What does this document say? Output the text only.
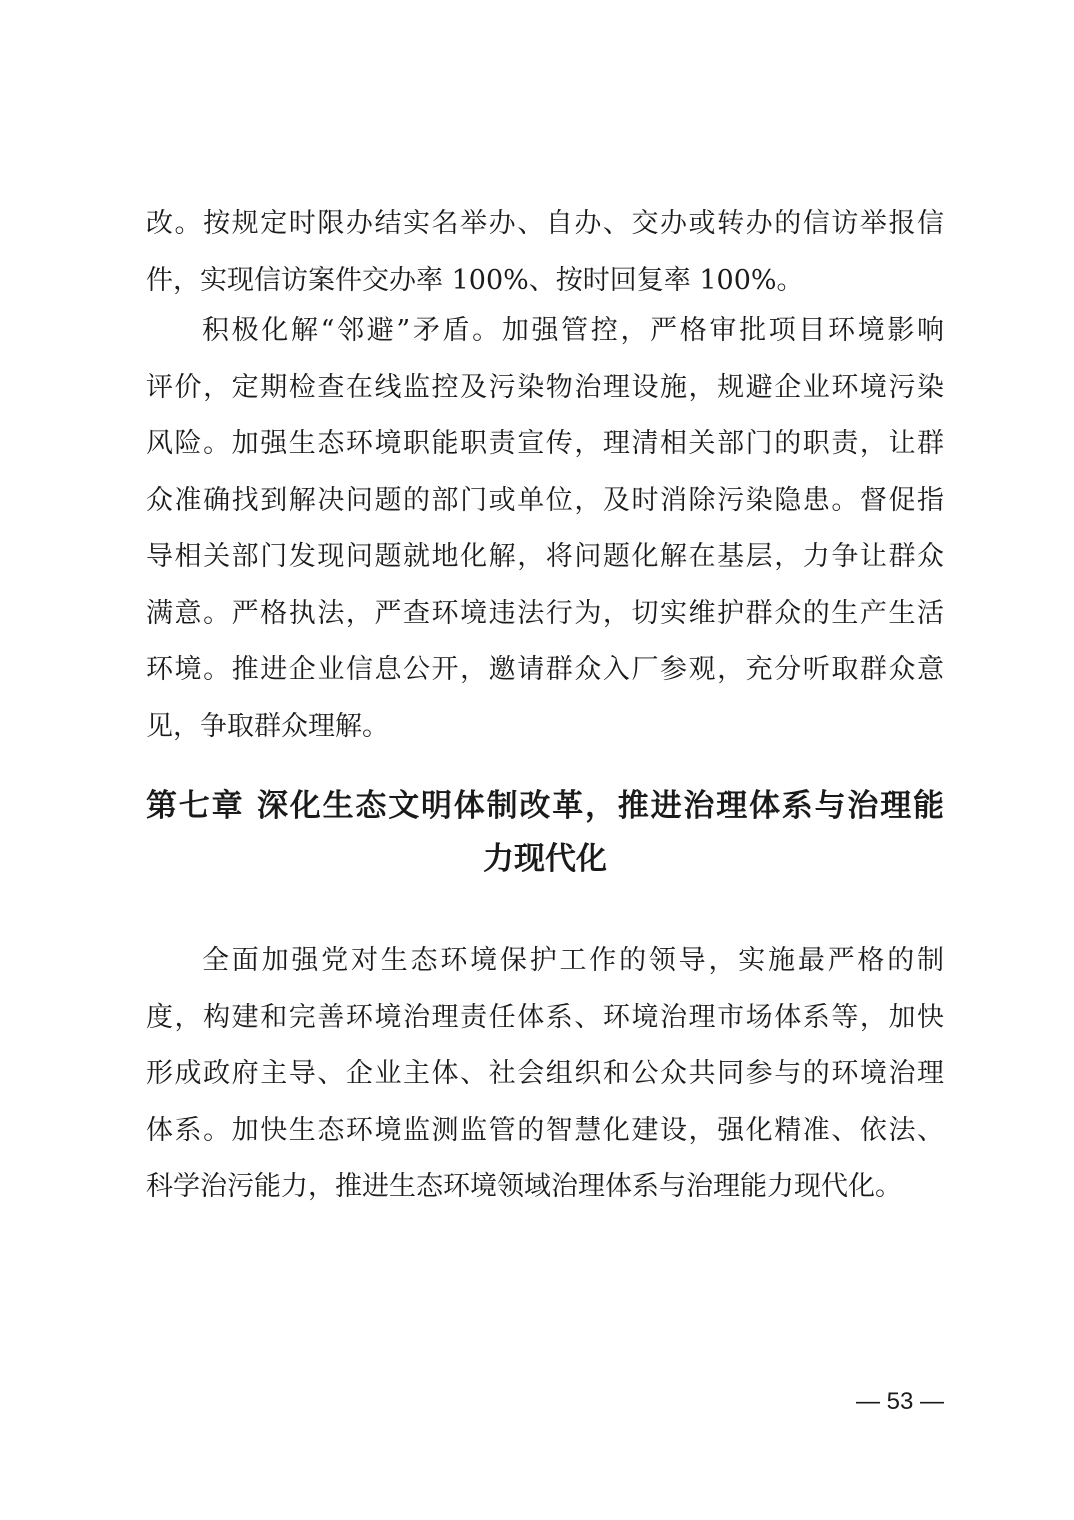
改。按规定时限办结实名举办、自办、交办或转办的信访举报信
件，实现信访案件交办率 100%、按时回复率 100%。
积极化解“邻避”矛盾。加强管控，严格审批项目环境影响
评价，定期检查在线监控及污染物治理设施，规避企业环境污染
风险。加强生态环境职能职责宣传，理清相关部门的职责，让群
众准确找到解决问题的部门或单位，及时消除污染隐患。督促指
导相关部门发现问题就地化解，将问题化解在基层，力争让群众
满意。严格执法，严查环境违法行为，切实维护群众的生产生活
环境。推进企业信息公开，邀请群众入厂参观，充分听取群众意
见，争取群众理解。
第七章 深化生态文明体制改革，推进治理体系与治理能
力现代化
全面加强党对生态环境保护工作的领导，实施最严格的制
度，构建和完善环境治理责任体系、环境治理市场体系等，加快
形成政府主导、企业主体、社会组织和公众共同参与的环境治理
体系。加快生态环境监测监管的智慧化建设，强化精准、依法、
科学治污能力，推进生态环境领域治理体系与治理能力现代化。
— 53 —
